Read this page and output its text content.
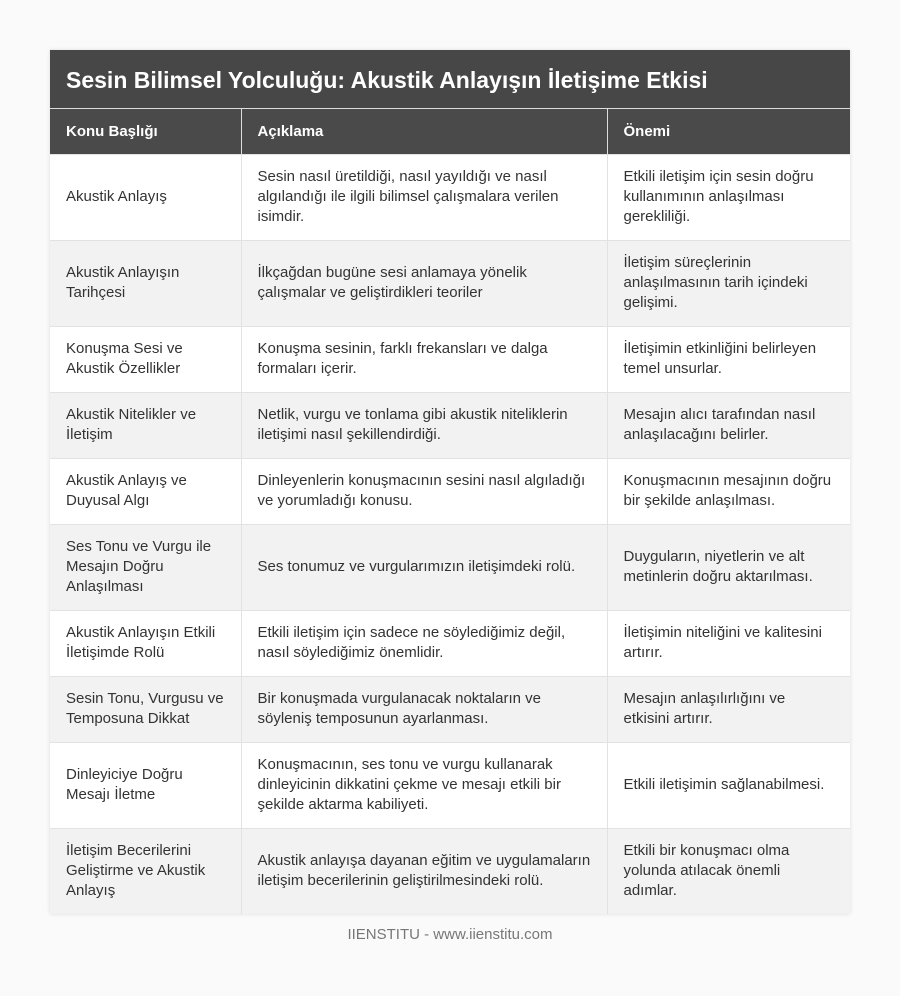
Sesin Bilimsel Yolculuğu: Akustik Anlayışın İletişime Etkisi
Konu Başlığı	Açıklama	Önemi
Akustik Anlayış	Sesin nasıl üretildiği, nasıl yayıldığı ve nasıl algılandığı ile ilgili bilimsel çalışmalara verilen isimdir.	Etkili iletişim için sesin doğru kullanımının anlaşılması gerekliliği.
Akustik Anlayışın Tarihçesi	İlkçağdan bugüne sesi anlamaya yönelik çalışmalar ve geliştirdikleri teoriler	İletişim süreçlerinin anlaşılmasının tarih içindeki gelişimi.
Konuşma Sesi ve Akustik Özellikler	Konuşma sesinin, farklı frekansları ve dalga formaları içerir.	İletişimin etkinliğini belirleyen temel unsurlar.
Akustik Nitelikler ve İletişim	Netlik, vurgu ve tonlama gibi akustik niteliklerin iletişimi nasıl şekillendirdiği.	Mesajın alıcı tarafından nasıl anlaşılacağını belirler.
Akustik Anlayış ve Duyusal Algı	Dinleyenlerin konuşmacının sesini nasıl algıladığı ve yorumladığı konusu.	Konuşmacının mesajının doğru bir şekilde anlaşılması.
Ses Tonu ve Vurgu ile Mesajın Doğru Anlaşılması	Ses tonumuz ve vurgularımızın iletişimdeki rolü.	Duyguların, niyetlerin ve alt metinlerin doğru aktarılması.
Akustik Anlayışın Etkili İletişimde Rolü	Etkili iletişim için sadece ne söylediğimiz değil, nasıl söylediğimiz önemlidir.	İletişimin niteliğini ve kalitesini artırır.
Sesin Tonu, Vurgusu ve Temposuna Dikkat	Bir konuşmada vurgulanacak noktaların ve söyleniş temposunun ayarlanması.	Mesajın anlaşılırlığını ve etkisini artırır.
Dinleyiciye Doğru Mesajı İletme	Konuşmacının, ses tonu ve vurgu kullanarak dinleyicinin dikkatini çekme ve mesajı etkili bir şekilde aktarma kabiliyeti.	Etkili iletişimin sağlanabilmesi.
İletişim Becerilerini Geliştirme ve Akustik Anlayış	Akustik anlayışa dayanan eğitim ve uygulamaların iletişim becerilerinin geliştirilmesindeki rolü.	Etkili bir konuşmacı olma yolunda atılacak önemli adımlar.
IIENSTITU - www.iienstitu.com
